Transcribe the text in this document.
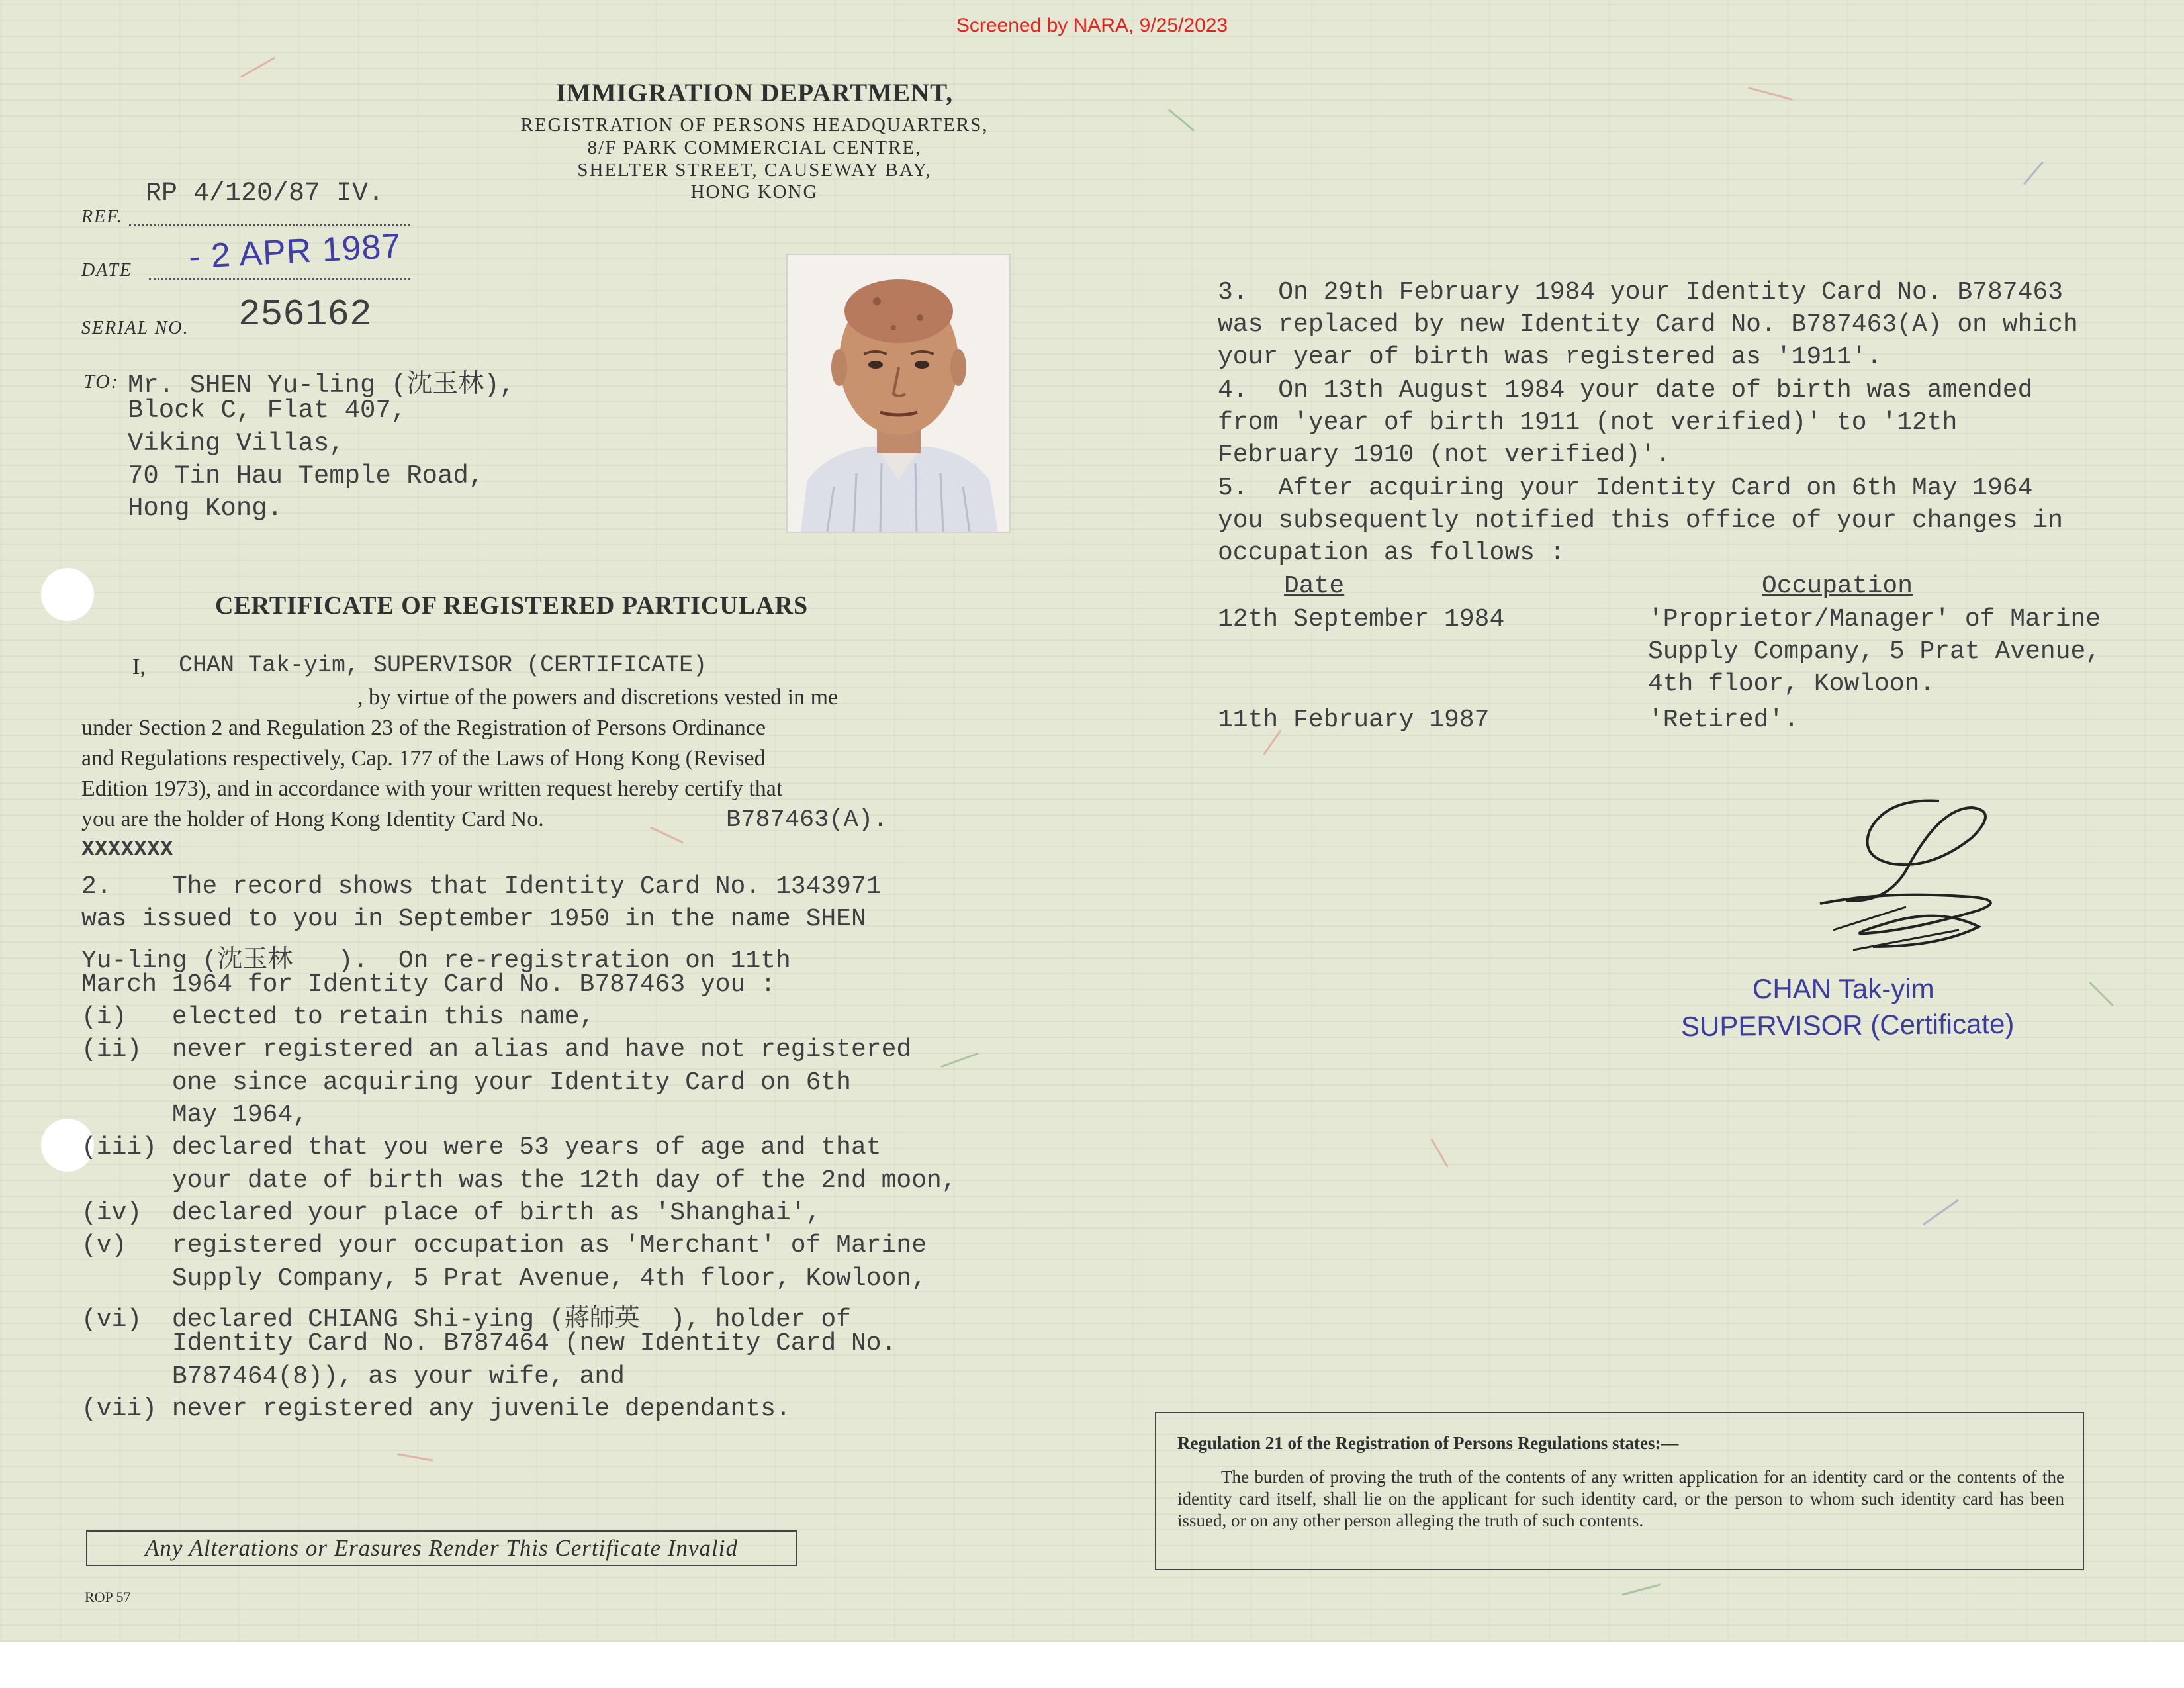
Screened by NARA, 9/25/2023
IMMIGRATION DEPARTMENT,
REGISTRATION OF PERSONS HEADQUARTERS,
8/F PARK COMMERCIAL CENTRE,
SHELTER STREET, CAUSEWAY BAY,
HONG KONG
REF.
RP 4/120/87 IV.
DATE - 2 APR 1987
SERIAL NO. 256162
TO: Mr. SHEN Yu-ling (沈玉林),
Block C, Flat 407,
Viking Villas,
70 Tin Hau Temple Road,
Hong Kong.
CERTIFICATE OF REGISTERED PARTICULARS
I, CHAN Tak-yim, SUPERVISOR (CERTIFICATE)
, by virtue of the powers and discretions vested in me
under Section 2 and Regulation 23 of the Registration of Persons Ordinance
and Regulations respectively, Cap. 177 of the Laws of Hong Kong (Revised
Edition 1973), and in accordance with your written request hereby certify that
you are the holder of Hong Kong Identity Card No.	B787463(A).
XXXXXXX
2.    The record shows that Identity Card No. 1343971
was issued to you in September 1950 in the name SHEN
Yu-ling (沈玉林   ).  On re-registration on 11th
March 1964 for Identity Card No. B787463 you :
(i)   elected to retain this name,
(ii)  never registered an alias and have not registered
one since acquiring your Identity Card on 6th
May 1964,
(iii) declared that you were 53 years of age and that
your date of birth was the 12th day of the 2nd moon,
(iv)  declared your place of birth as 'Shanghai',
(v)   registered your occupation as 'Merchant' of Marine
Supply Company, 5 Prat Avenue, 4th floor, Kowloon,
(vi)  declared CHIANG Shi-ying (蔣師英  ), holder of
Identity Card No. B787464 (new Identity Card No.
B787464(8)), as your wife, and
(vii) never registered any juvenile dependants.
3.  On 29th February 1984 your Identity Card No. B787463
was replaced by new Identity Card No. B787463(A) on which
your year of birth was registered as '1911'.
4.  On 13th August 1984 your date of birth was amended
from 'year of birth 1911 (not verified)' to '12th
February 1910 (not verified)'.
5.  After acquiring your Identity Card on 6th May 1964
you subsequently notified this office of your changes in
occupation as follows :
Date	Occupation
12th September 1984	'Proprietor/Manager' of Marine
Supply Company, 5 Prat Avenue,
4th floor, Kowloon.
11th February 1987	'Retired'.
CHAN Tak-yim
SUPERVISOR (Certificate)
Regulation 21 of the Registration of Persons Regulations states:—
The burden of proving the truth of the contents of any written application for an identity card or the contents of the identity card itself, shall lie on the applicant for such identity card, or the person to whom such identity card has been issued, or on any other person alleging the truth of such contents.
Any Alterations or Erasures Render This Certificate Invalid
ROP 57
